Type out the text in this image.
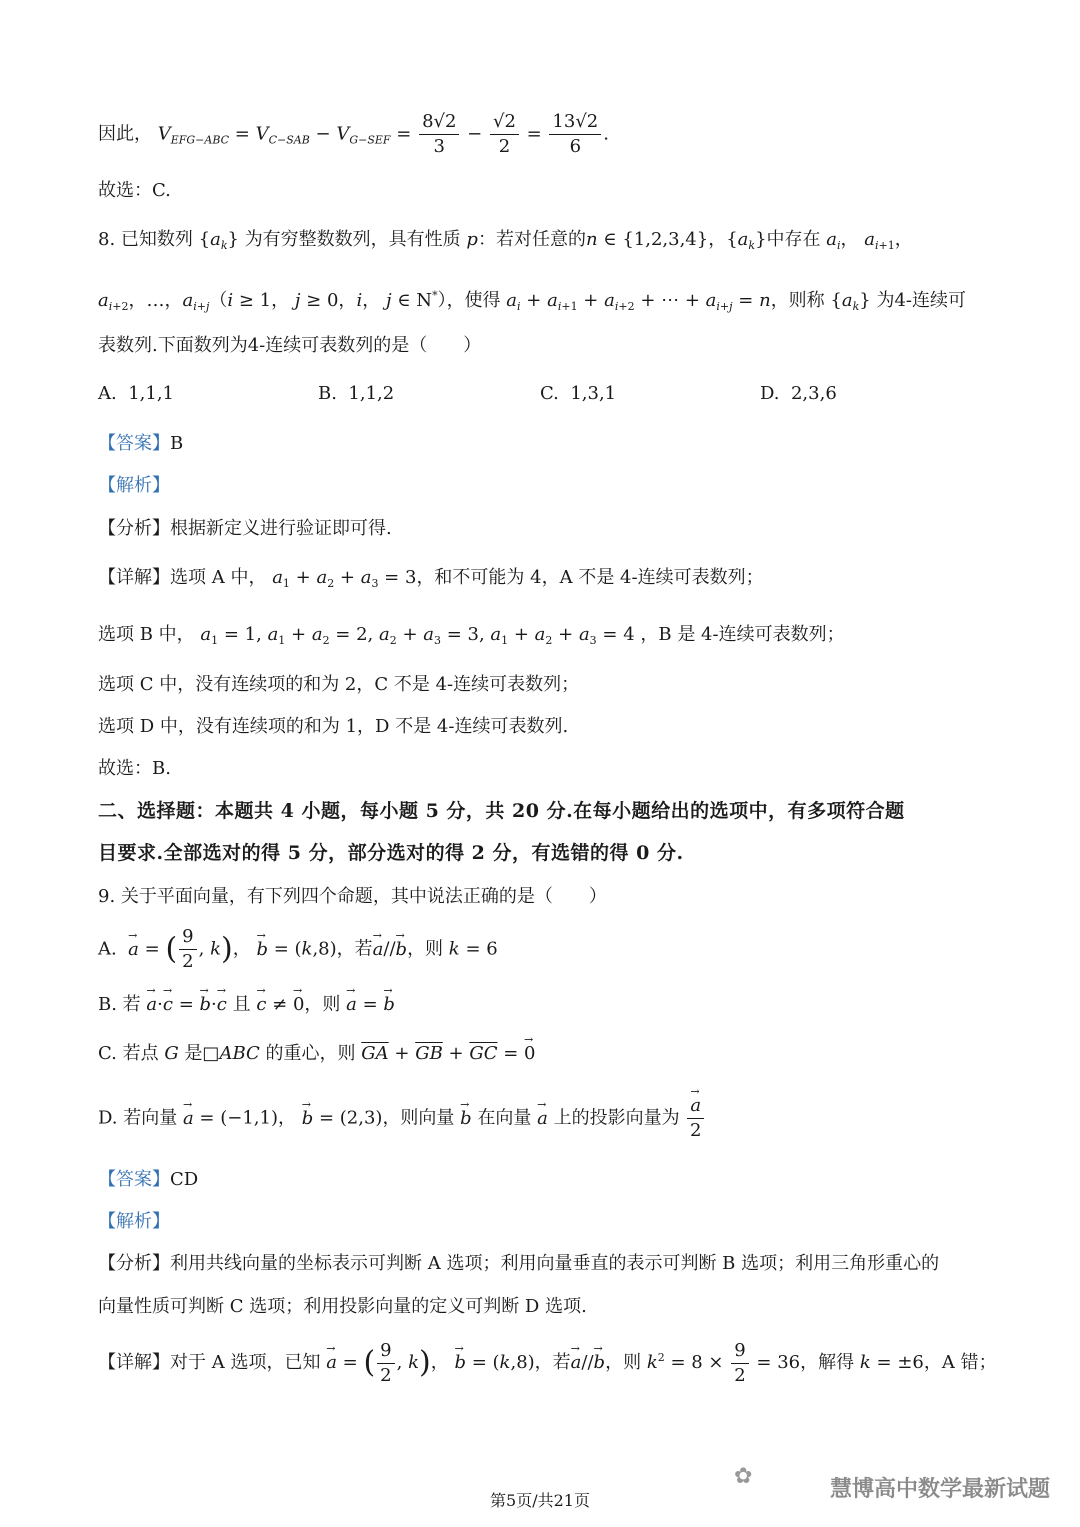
因此， $V_{EFG-ABC} = V_{C-SAB} - V_{G-SEF} = \frac{8√2}{3} - \frac{√2}{2} = \frac{13√2}{6}$ .
故选：C.
8. 已知数列 $\{a_k\}$ 为有穷整数数列，具有性质 p：若对任意的n ∈ {1,2,3,4}，$\{a_k\}$中存在 $a_i$， $a_{i+1}$，
$a_{i+2}$，…，$a_{i+j}(i \ge 1$， j ≥ 0，i， j ∈ N*），使得 $a_i + a_{i+1} + a_{i+2}$ + ⋯ + $a_{i+j} = n$，则称 $\{a_k\}$ 为4-连续可
表数列.下面数列为4-连续可表数列的是（　　）
A. 1,1,1	B. 1,1,2	C. 1,3,1	D. 2,3,6
【答案】B
【解析】
【分析】根据新定义进行验证即可得.
【详解】选项 A 中， $a_1 + a_2 + a_3 = 3$，和不可能为 4，A 不是 4-连续可表数列；
选项 B 中， $a_1 = 1$, $a_1 + a_2 = 2$, $a_2 + a_3 = 3$, $a_1 + a_2 + a_3 = 4$ ，B 是 4-连续可表数列；
选项 C 中，没有连续项的和为 2，C 不是 4-连续可表数列；
选项 D 中，没有连续项的和为 1，D 不是 4-连续可表数列.
故选：B.
二、选择题：本题共 4 小题，每小题 5 分，共 20 分.在每小题给出的选项中，有多项符合题
目要求.全部选对的得 5 分，部分选对的得 2 分，有选错的得 0 分.
9. 关于平面向量，有下列四个命题，其中说法正确的是（　　）
A.  → a = ( $\frac{9}{2}$ , k)， → b = (k,8)，若→ a//→ b，则 k = 6
B. 若 → a·→ c = → b·→ c 且 → c ≠ → 0，则 → a = → b
C. 若点 G 是□ABC 的重心，则 $\overline{GA} + \overline{GB} + \overline{GC}$ = → 0
D. 若向量 → a = (−1,1)， → b = (2,3)，则向量 → b 在向量 → a 上的投影向量为 → $\frac{a}{2}$
【答案】CD
【解析】
【分析】利用共线向量的坐标表示可判断 A 选项；利用向量垂直的表示可判断 B 选项；利用三角形重心的
向量性质可判断 C 选项；利用投影向量的定义可判断 D 选项.
【详解】对于 A 选项，已知 → a = ( $\frac{9}{2}$ , k)， → b = (k,8)，若→ a//→ b，则 $k^2 = 8 \times \frac{9}{2} = 36$，解得 k = ±6，A 错；
✿
慧博高中数学最新试题
第5页/共21页
